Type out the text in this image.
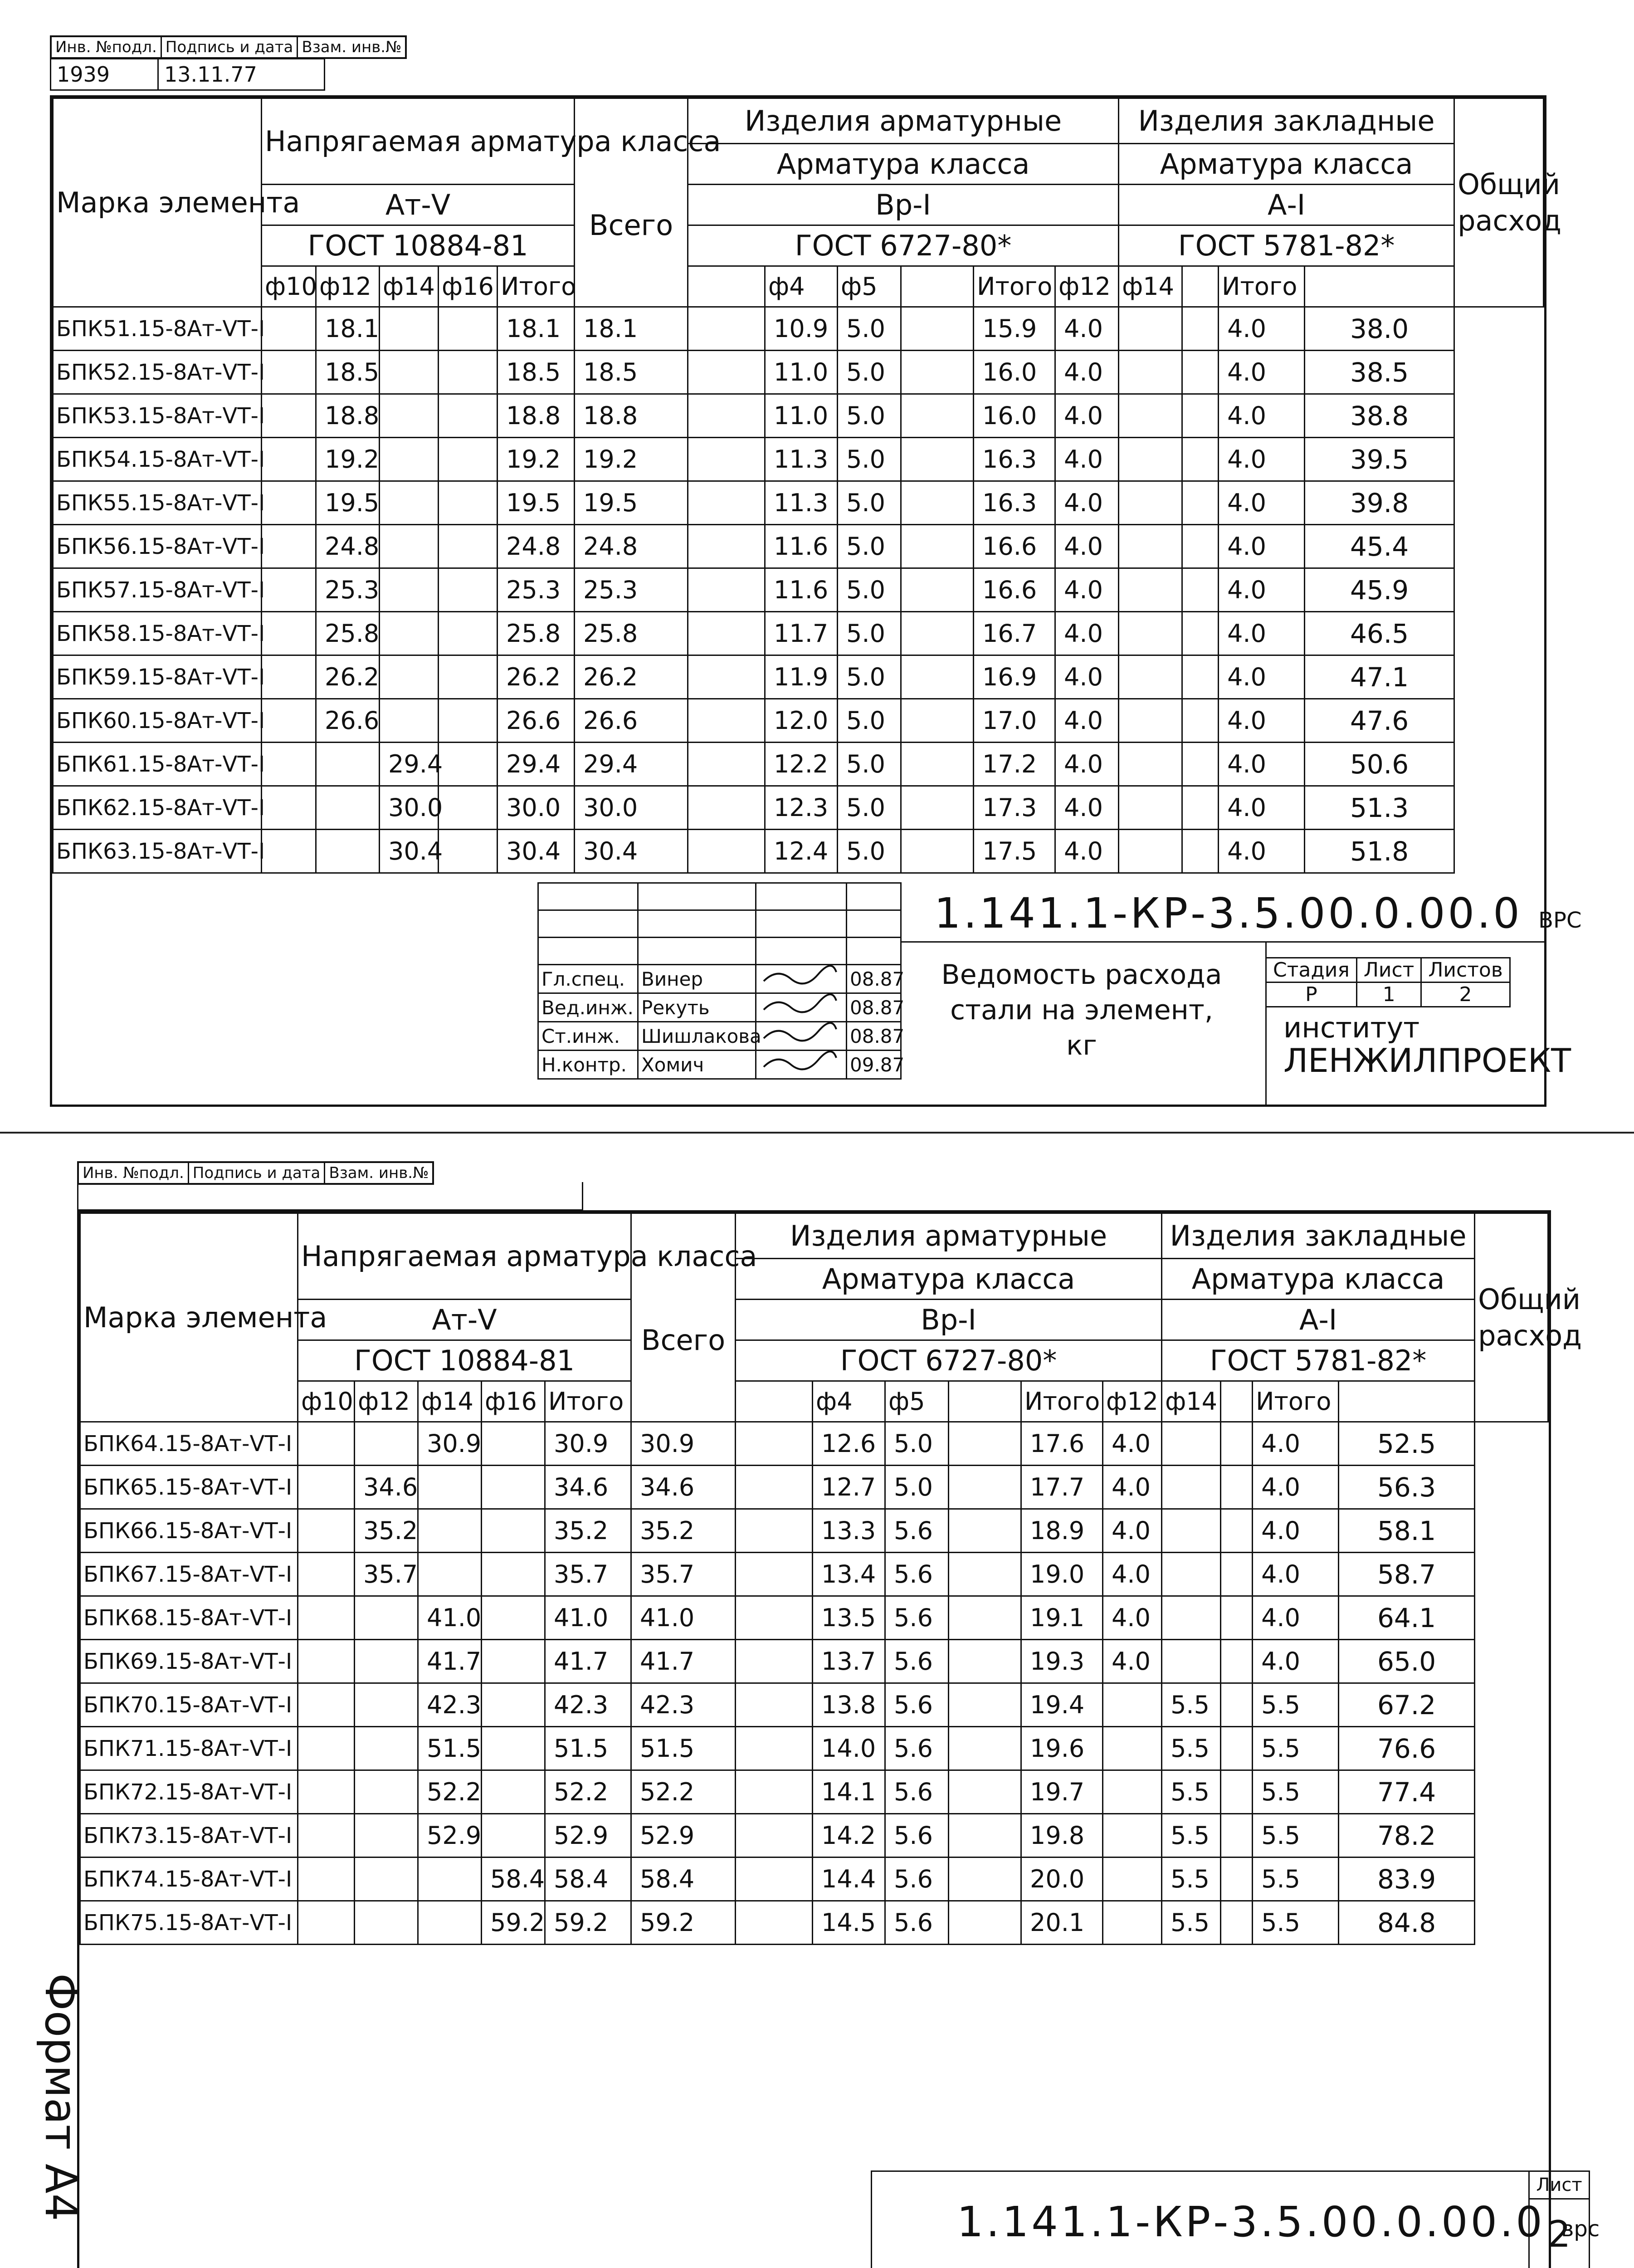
Инв. №подл. Подпись и дата Взам. инв.№
1939	13.11.77
Марка элемента	Напрягаемая арматура класса						Изделия арматурные						Изделия закладные				Общий расход
							Арматура класса						Арматура класса				
	Ат-Ⅴ					Всего	Вр-I						А-I				
	ГОСТ 10884-81						ГОСТ 6727-80*						ГОСТ 5781-82*				
	ф10	ф12	ф14	ф16	Итого			ф4	ф5		Итого	ф12	ф14		Итого		
БПК51.15-8Ат-ⅤТ-I		18.1			18.1	18.1		10.9	5.0		15.9	4.0			4.0	38.0	
БПК52.15-8Ат-ⅤТ-I		18.5			18.5	18.5		11.0	5.0		16.0	4.0			4.0	38.5	
БПК53.15-8Ат-ⅤТ-I		18.8			18.8	18.8		11.0	5.0		16.0	4.0			4.0	38.8	
БПК54.15-8Ат-ⅤТ-I		19.2			19.2	19.2		11.3	5.0		16.3	4.0			4.0	39.5	
БПК55.15-8Ат-ⅤТ-I		19.5			19.5	19.5		11.3	5.0		16.3	4.0			4.0	39.8	
БПК56.15-8Ат-ⅤТ-I		24.8			24.8	24.8		11.6	5.0		16.6	4.0			4.0	45.4	
БПК57.15-8Ат-ⅤТ-I		25.3			25.3	25.3		11.6	5.0		16.6	4.0			4.0	45.9	
БПК58.15-8Ат-ⅤТ-I		25.8			25.8	25.8		11.7	5.0		16.7	4.0			4.0	46.5	
БПК59.15-8Ат-ⅤТ-I		26.2			26.2	26.2		11.9	5.0		16.9	4.0			4.0	47.1	
БПК60.15-8Ат-ⅤТ-I		26.6			26.6	26.6		12.0	5.0		17.0	4.0			4.0	47.6	
БПК61.15-8Ат-ⅤТ-I			29.4		29.4	29.4		12.2	5.0		17.2	4.0			4.0	50.6	
БПК62.15-8Ат-ⅤТ-I			30.0		30.0	30.0		12.3	5.0		17.3	4.0			4.0	51.3	
БПК63.15-8Ат-ⅤТ-I			30.4		30.4	30.4		12.4	5.0		17.5	4.0			4.0	51.8	

Гл.спец.	Винер		08.87
Вед.инж.	Рекуть		08.87
Ст.инж.	Шишлакова		08.87
Н.контр.	Хомич		09.87
1.141.1-КР-3.5.00.0.00.0 ВРС
Ведомость расхода
стали на элемент,
кг
Стадия	Лист	Листов
Р	1	2
институт
ЛЕНЖИЛПРОЕКТ
Инв. №подл. Подпись и дата Взам. инв.№
Марка элемента	Напрягаемая арматура класса						Изделия арматурные						Изделия закладные				Общий расход
							Арматура класса						Арматура класса				
	Ат-Ⅴ					Всего	Вр-I						А-I				
	ГОСТ 10884-81						ГОСТ 6727-80*						ГОСТ 5781-82*				
	ф10	ф12	ф14	ф16	Итого			ф4	ф5		Итого	ф12	ф14		Итого		
БПК64.15-8Ат-ⅤТ-I			30.9		30.9	30.9		12.6	5.0		17.6	4.0			4.0	52.5	
БПК65.15-8Ат-ⅤТ-I		34.6			34.6	34.6		12.7	5.0		17.7	4.0			4.0	56.3	
БПК66.15-8Ат-ⅤТ-I		35.2			35.2	35.2		13.3	5.6		18.9	4.0			4.0	58.1	
БПК67.15-8Ат-ⅤТ-I		35.7			35.7	35.7		13.4	5.6		19.0	4.0			4.0	58.7	
БПК68.15-8Ат-ⅤТ-I			41.0		41.0	41.0		13.5	5.6		19.1	4.0			4.0	64.1	
БПК69.15-8Ат-ⅤТ-I			41.7		41.7	41.7		13.7	5.6		19.3	4.0			4.0	65.0	
БПК70.15-8Ат-ⅤТ-I			42.3		42.3	42.3		13.8	5.6		19.4		5.5		5.5	67.2	
БПК71.15-8Ат-ⅤТ-I			51.5		51.5	51.5		14.0	5.6		19.6		5.5		5.5	76.6	
БПК72.15-8Ат-ⅤТ-I			52.2		52.2	52.2		14.1	5.6		19.7		5.5		5.5	77.4	
БПК73.15-8Ат-ⅤТ-I			52.9		52.9	52.9		14.2	5.6		19.8		5.5		5.5	78.2	
БПК74.15-8Ат-ⅤТ-I				58.4	58.4	58.4		14.4	5.6		20.0		5.5		5.5	83.9	
БПК75.15-8Ат-ⅤТ-I				59.2	59.2	59.2		14.5	5.6		20.1		5.5		5.5	84.8	
1.141.1-КР-3.5.00.0.00.0 врс
Лист
2
Формат А4
